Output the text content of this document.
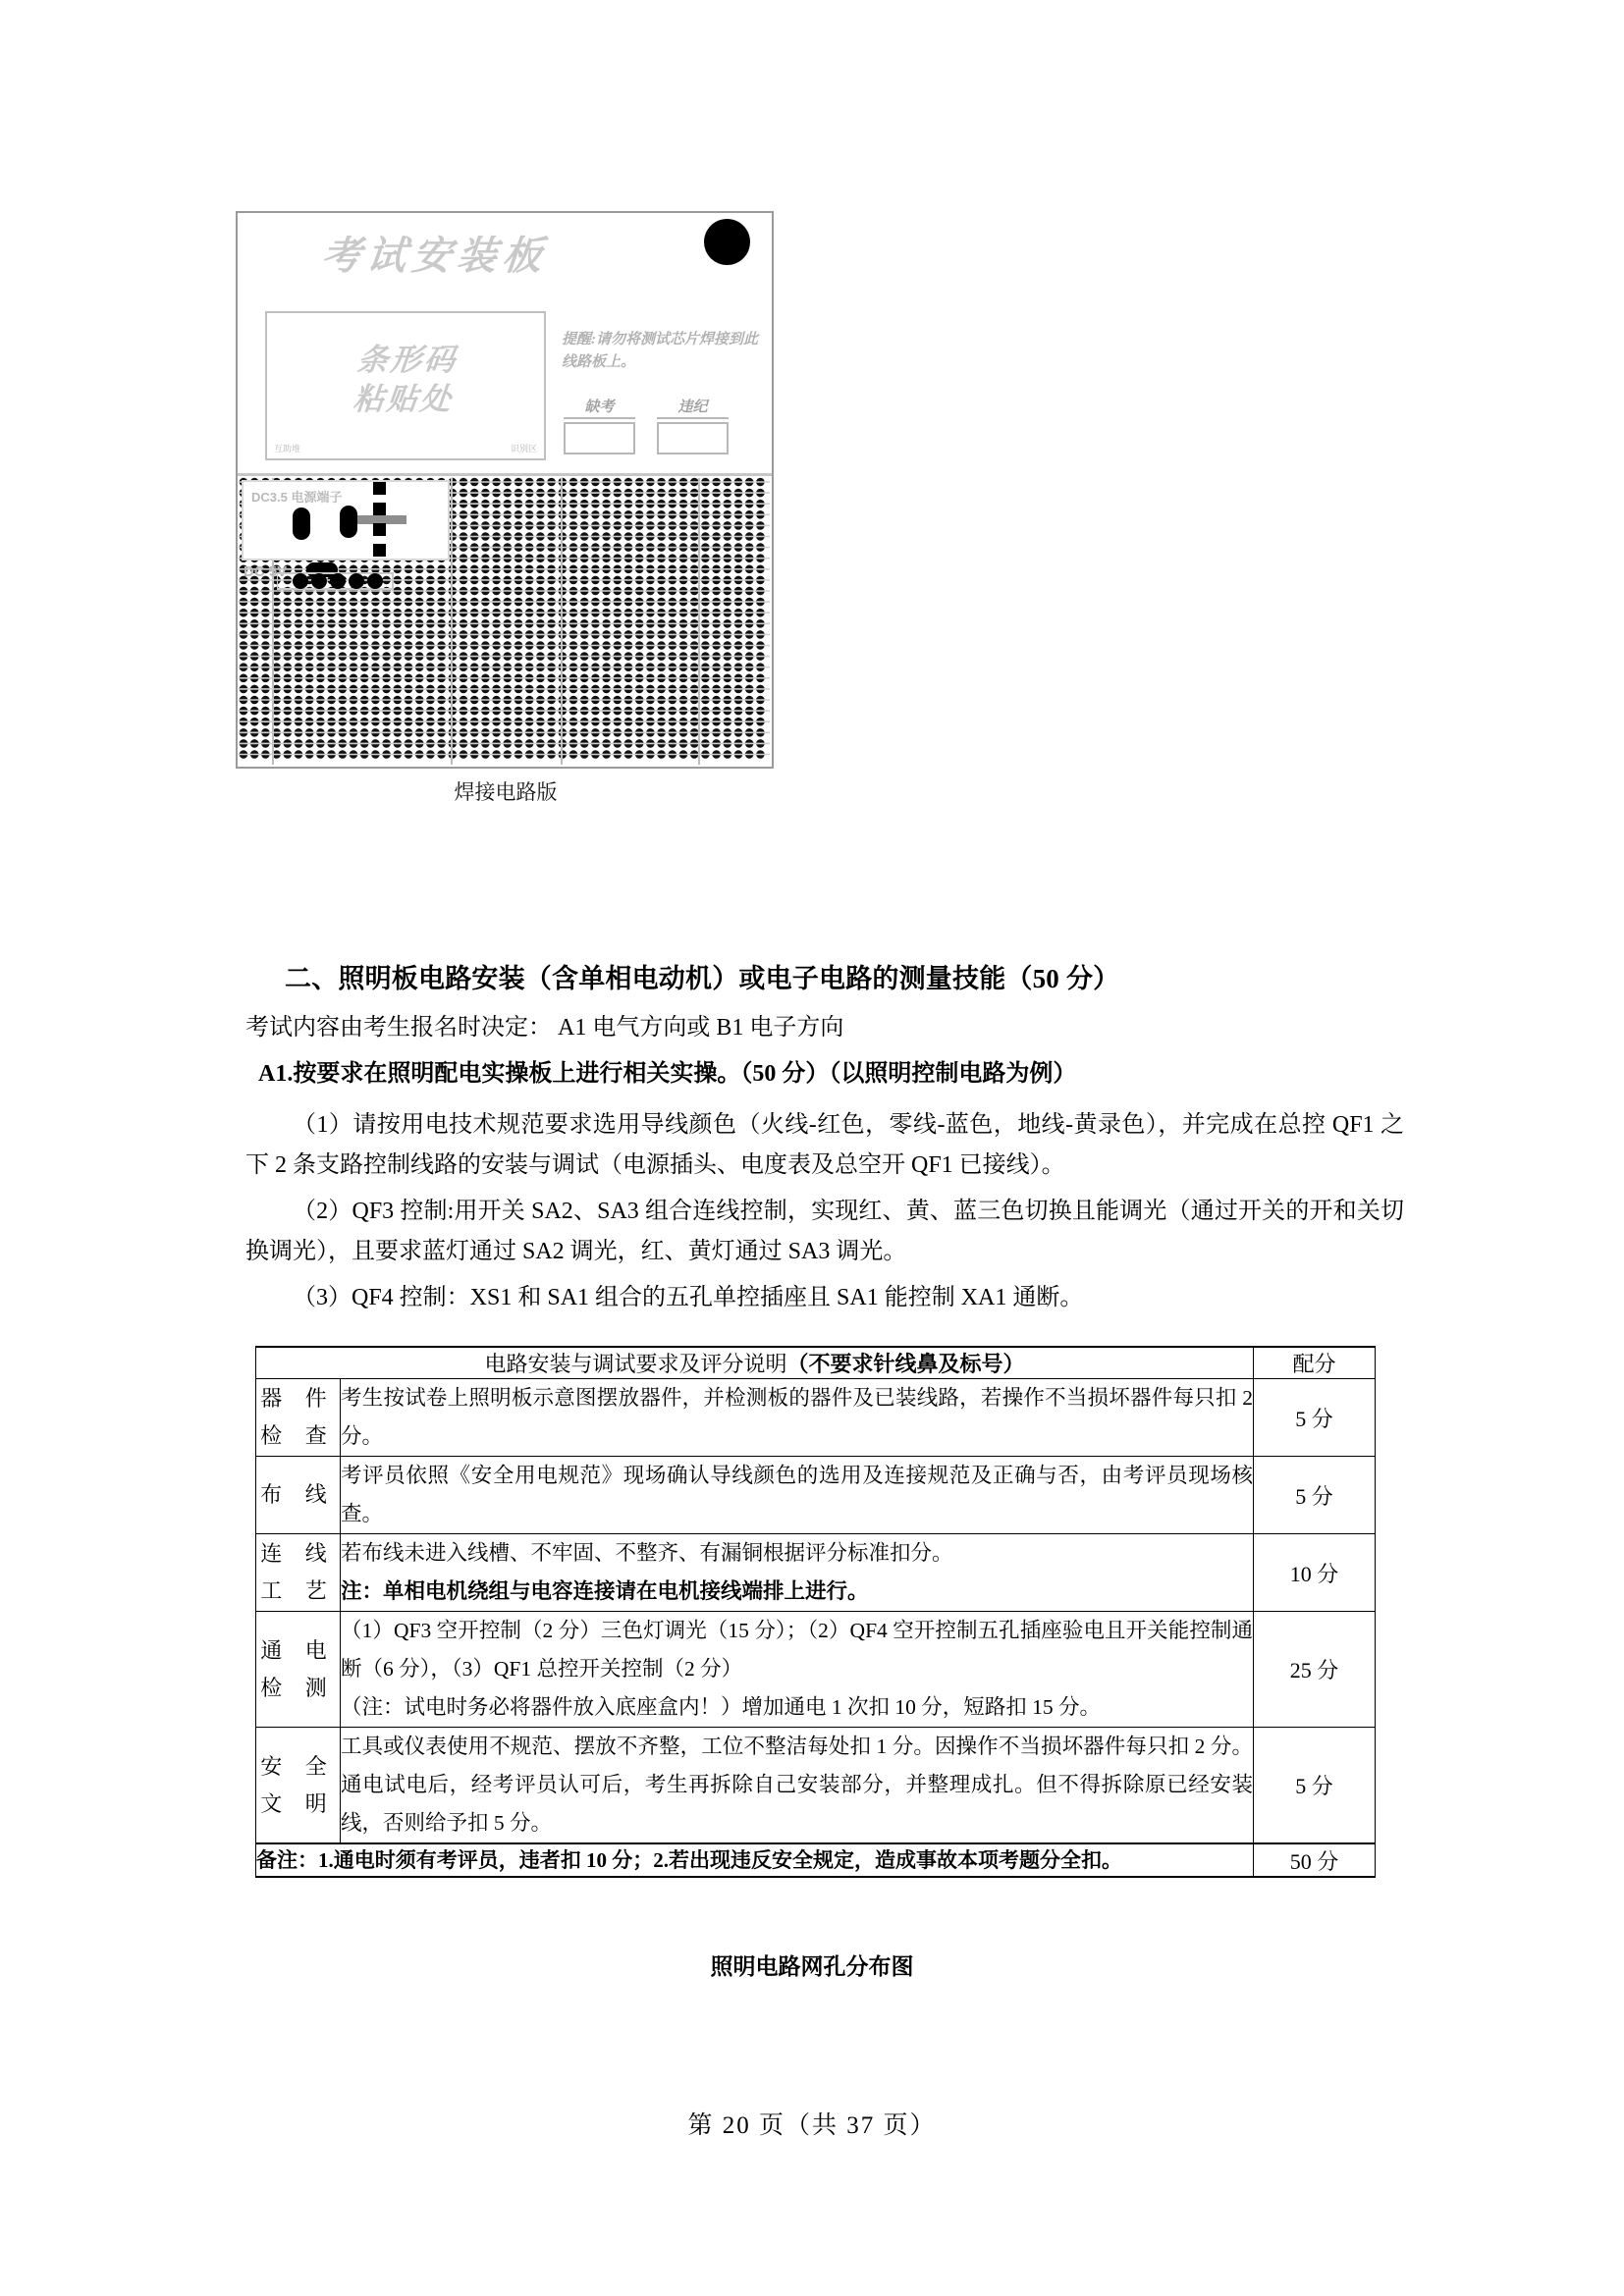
考试安装板
条形码
粘贴处
互助堆	识别区
提醒:请勿将测试芯片焊接到此线路板上。
缺考	违纪
DC3.5 电源端子
DC 5V
焊接电路版
二、照明板电路安装（含单相电动机）或电子电路的测量技能（50 分）
考试内容由考生报名时决定： A1 电气方向或 B1 电子方向
A1.按要求在照明配电实操板上进行相关实操。（50 分）（以照明控制电路为例）
（1）请按用电技术规范要求选用导线颜色（火线-红色，零线-蓝色，地线-黄录色），并完成在总控 QF1 之下 2 条支路控制线路的安装与调试（电源插头、电度表及总空开 QF1 已接线）。
（2）QF3 控制:用开关 SA2、SA3 组合连线控制，实现红、黄、蓝三色切换且能调光（通过开关的开和关切换调光），且要求蓝灯通过 SA2 调光，红、黄灯通过 SA3 调光。
（3）QF4 控制：XS1 和 SA1 组合的五孔单控插座且 SA1 能控制 XA1 通断。
电路安装与调试要求及评分说明（不要求针线鼻及标号）		配分

器 件
检 查	考生按试卷上照明板示意图摆放器件，并检测板的器件及已装线路，若操作不当损坏器件每只扣 2 分。	5 分

布 线	考评员依照《安全用电规范》现场确认导线颜色的选用及连接规范及正确与否，由考评员现场核查。	5 分

连 线
工 艺

若布线未进入线槽、不牢固、不整齐、有漏铜根据评分标准扣分。
注：单相电机绕组与电容连接请在电机接线端排上进行。
	10 分

通 电
检 测

（1）QF3 空开控制（2 分）三色灯调光（15 分）；（2）QF4 空开控制五孔插座验电且开关能控制通断（6 分），（3）QF1 总控开关控制（2 分）
（注：试电时务必将器件放入底座盒内！）增加通电 1 次扣 10 分，短路扣 15 分。
	25 分

安 全
文 明	工具或仪表使用不规范、摆放不齐整，工位不整洁每处扣 1 分。因操作不当损坏器件每只扣 2 分。通电试电后，经考评员认可后，考生再拆除自己安装部分，并整理成扎。但不得拆除原已经安装线，否则给予扣 5 分。	5 分
备注：1.通电时须有考评员，违者扣 10 分；2.若出现违反安全规定，造成事故本项考题分全扣。		50 分
照明电路网孔分布图
第 20 页（共 37 页）
